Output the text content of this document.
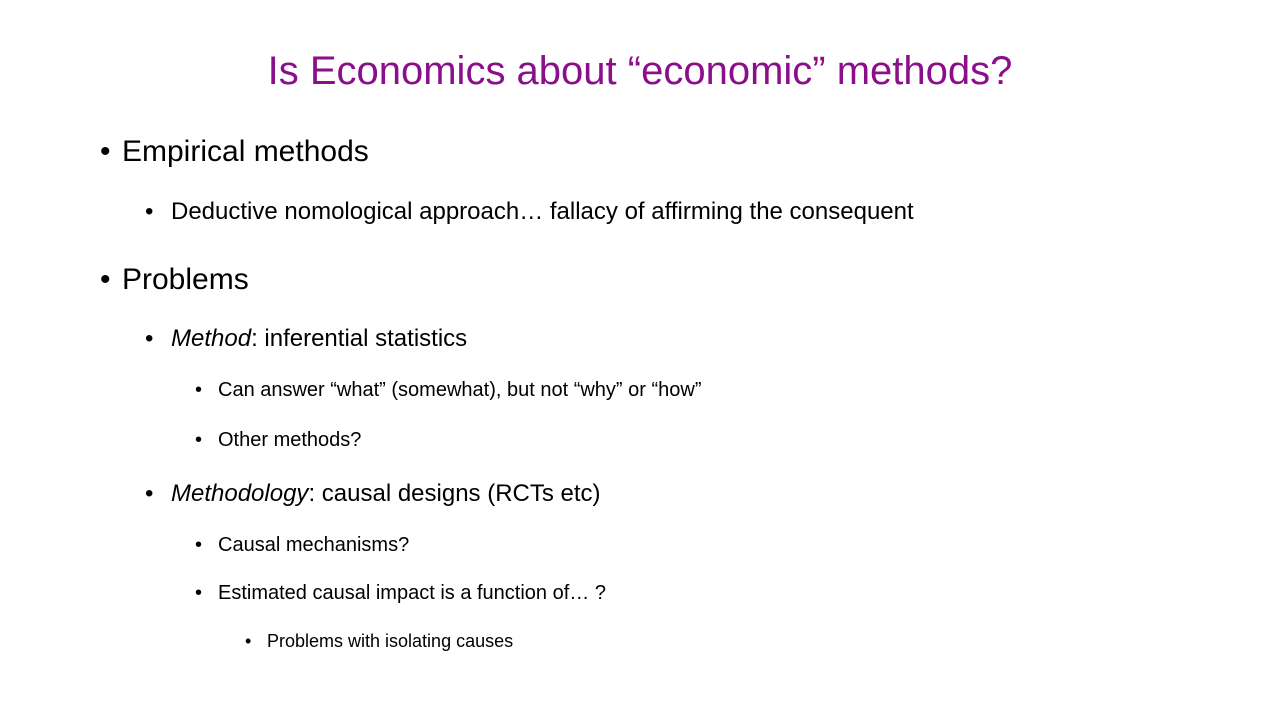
Is Economics about “economic” methods?
• Empirical methods
• Deductive nomological approach… fallacy of affirming the consequent
• Problems
• Method: inferential statistics
• Can answer “what” (somewhat), but not “why” or “how”
• Other methods?
• Methodology: causal designs (RCTs etc)
• Causal mechanisms?
• Estimated causal impact is a function of… ?
• Problems with isolating causes
